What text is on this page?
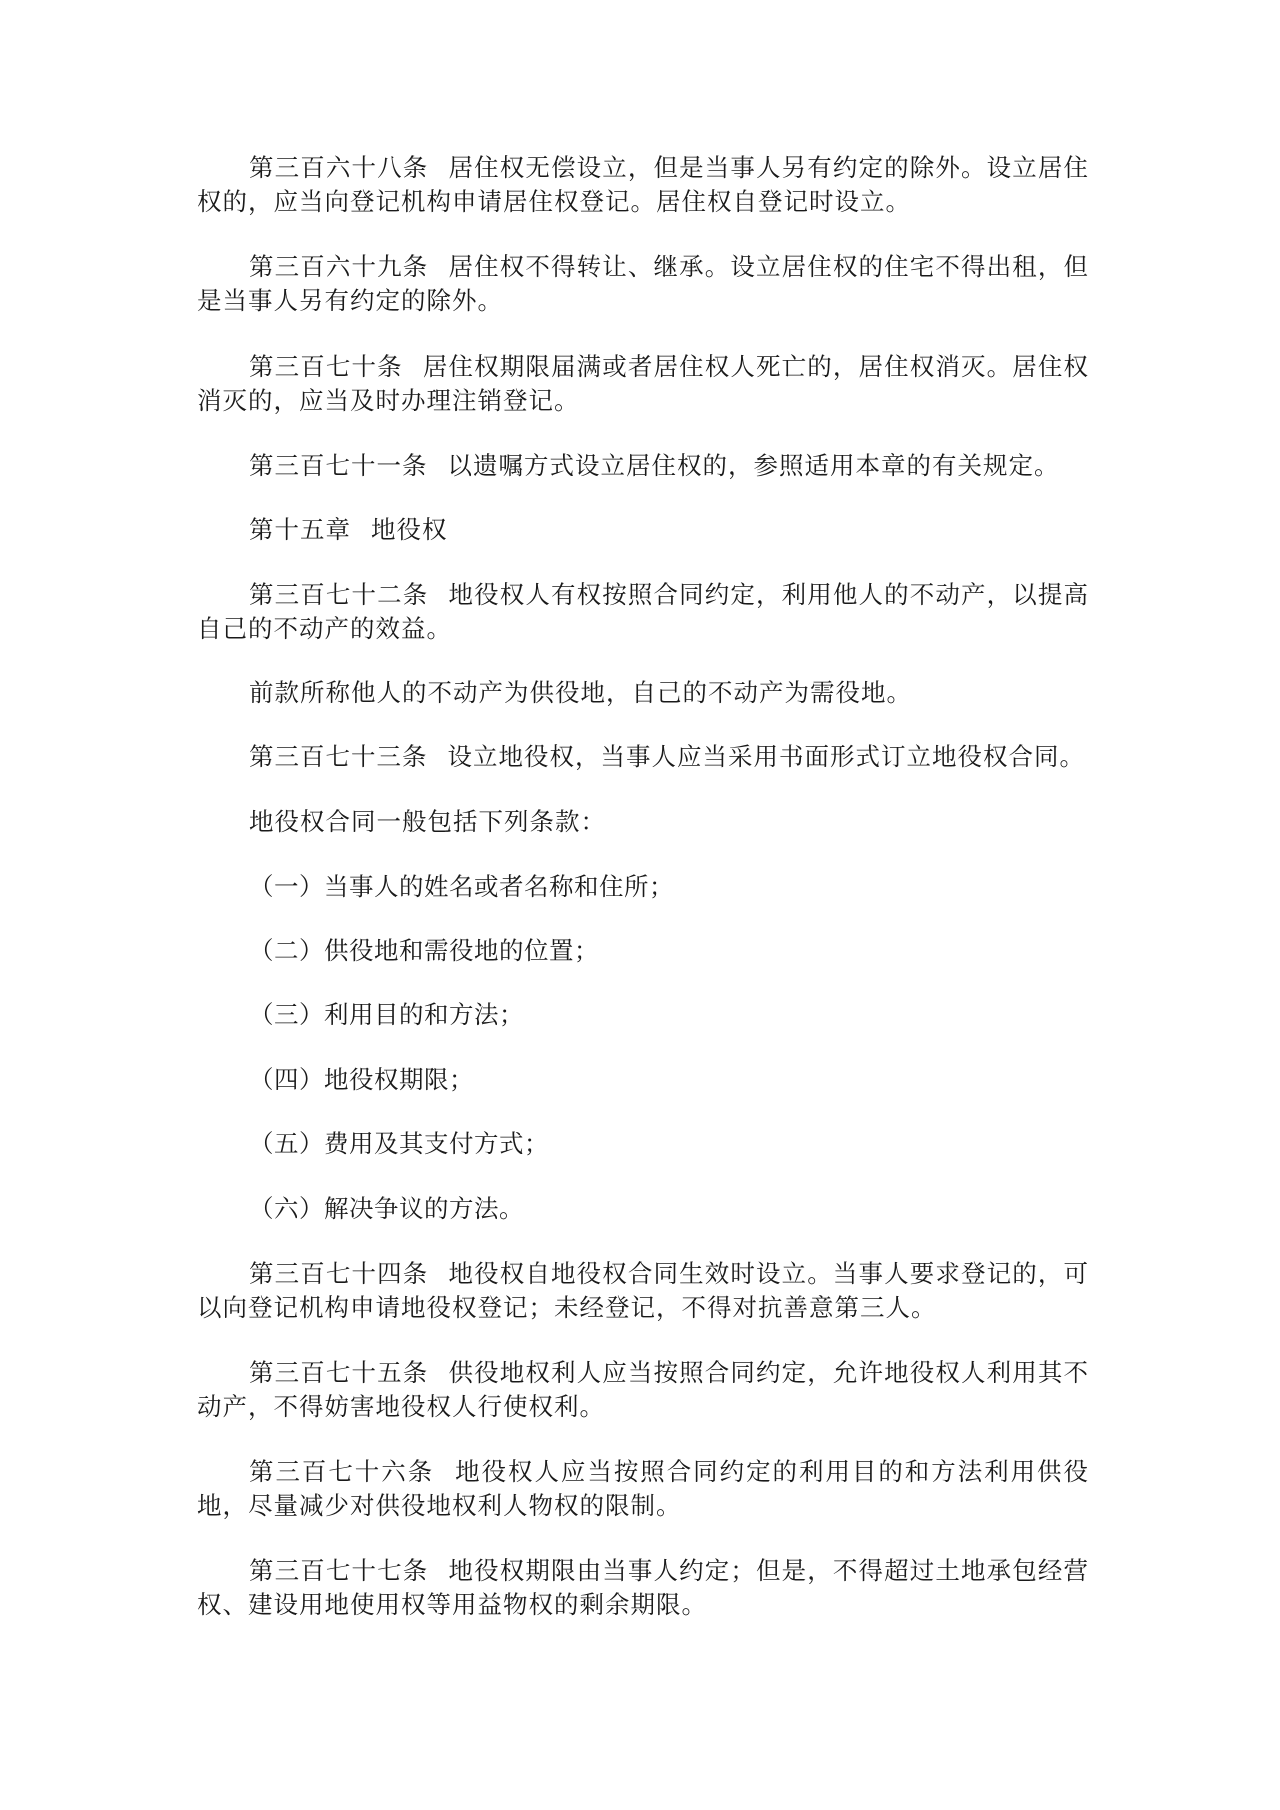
第三百六十八条 居住权无偿设立，但是当事人另有约定的除外。设立居住权的，应当向登记机构申请居住权登记。居住权自登记时设立。

第三百六十九条 居住权不得转让、继承。设立居住权的住宅不得出租，但是当事人另有约定的除外。

第三百七十条 居住权期限届满或者居住权人死亡的，居住权消灭。居住权消灭的，应当及时办理注销登记。

第三百七十一条 以遗嘱方式设立居住权的，参照适用本章的有关规定。

第十五章 地役权

第三百七十二条 地役权人有权按照合同约定，利用他人的不动产，以提高自己的不动产的效益。

前款所称他人的不动产为供役地，自己的不动产为需役地。

第三百七十三条 设立地役权，当事人应当采用书面形式订立地役权合同。

地役权合同一般包括下列条款：

（一）当事人的姓名或者名称和住所；

（二）供役地和需役地的位置；

（三）利用目的和方法；

（四）地役权期限；

（五）费用及其支付方式；

（六）解决争议的方法。

第三百七十四条 地役权自地役权合同生效时设立。当事人要求登记的，可以向登记机构申请地役权登记；未经登记，不得对抗善意第三人。

第三百七十五条 供役地权利人应当按照合同约定，允许地役权人利用其不动产，不得妨害地役权人行使权利。

第三百七十六条 地役权人应当按照合同约定的利用目的和方法利用供役地，尽量减少对供役地权利人物权的限制。

第三百七十七条 地役权期限由当事人约定；但是，不得超过土地承包经营权、建设用地使用权等用益物权的剩余期限。
